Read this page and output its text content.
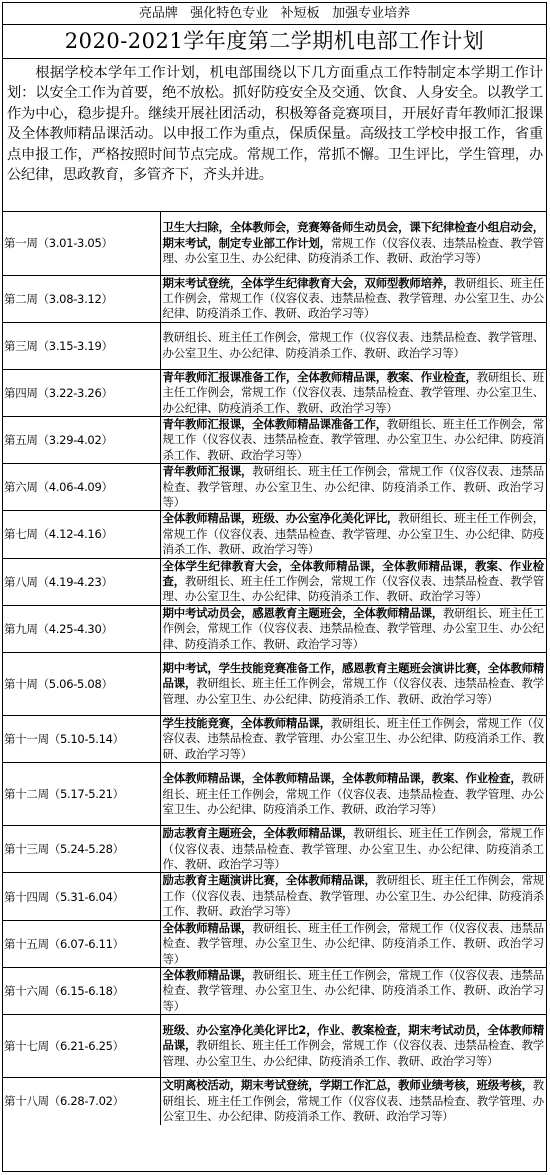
亮品牌   强化特色专业   补短板   加强专业培养
2020-2021学年度第二学期机电部工作计划
根据学校本学年工作计划，机电部围绕以下几方面重点工作特制定本学期工作计划：以安全工作为首要，绝不放松。抓好防疫安全及交通、饮食、人身安全。以教学工作为中心，稳步提升。继续开展社团活动，积极筹备竞赛项目，开展好青年教师汇报课及全体教师精品课活动。以申报工作为重点，保质保量。高级技工学校申报工作，省重点申报工作，严格按照时间节点完成。常规工作，常抓不懈。卫生评比，学生管理，办公纪律，思政教育，多管齐下，齐头并进。
第一周（3.01-3.05）	卫生大扫除，全体教师会，竞赛筹备师生动员会，课下纪律检查小组启动会，期末考试，制定专业部工作计划，常规工作（仪容仪表、违禁品检查、教学管理、办公室卫生、办公纪律、防疫消杀工作、教研、政治学习等）
第二周（3.08-3.12）	期末考试登统，全体学生纪律教育大会，双师型教师培养，教研组长、班主任工作例会，常规工作（仪容仪表、违禁品检查、教学管理、办公室卫生、办公纪律、防疫消杀工作、教研、政治学习等）
第三周（3.15-3.19）	教研组长、班主任工作例会，常规工作（仪容仪表、违禁品检查、教学管理、办公室卫生、办公纪律、防疫消杀工作、教研、政治学习等）
第四周（3.22-3.26）	青年教师汇报课准备工作，全体教师精品课，教案、作业检查，教研组长、班主任工作例会，常规工作（仪容仪表、违禁品检查、教学管理、办公室卫生、办公纪律、防疫消杀工作、教研、政治学习等）
第五周（3.29-4.02）	青年教师汇报课，全体教师精品课准备工作，教研组长、班主任工作例会，常规工作（仪容仪表、违禁品检查、教学管理、办公室卫生、办公纪律、防疫消杀工作、教研、政治学习等）
第六周（4.06-4.09）	青年教师汇报课，教研组长、班主任工作例会，常规工作（仪容仪表、违禁品检查、教学管理、办公室卫生、办公纪律、防疫消杀工作、教研、政治学习等）
第七周（4.12-4.16）	全体教师精品课，班级、办公室净化美化评比，教研组长、班主任工作例会，常规工作（仪容仪表、违禁品检查、教学管理、办公室卫生、办公纪律、防疫消杀工作、教研、政治学习等）
第八周（4.19-4.23）	全体学生纪律教育大会，全体教师精品课，全体教师精品课，教案、作业检查，教研组长、班主任工作例会，常规工作（仪容仪表、违禁品检查、教学管理、办公室卫生、办公纪律、防疫消杀工作、教研、政治学习等）
第九周（4.25-4.30）	期中考试动员会，感恩教育主题班会，全体教师精品课，教研组长、班主任工作例会，常规工作（仪容仪表、违禁品检查、教学管理、办公室卫生、办公纪律、防疫消杀工作、教研、政治学习等）
第十周（5.06-5.08）	期中考试，学生技能竞赛准备工作，感恩教育主题班会演讲比赛，全体教师精品课，教研组长、班主任工作例会，常规工作（仪容仪表、违禁品检查、教学管理、办公室卫生、办公纪律、防疫消杀工作、教研、政治学习等）
第十一周（5.10-5.14）	学生技能竞赛，全体教师精品课，教研组长、班主任工作例会，常规工作（仪容仪表、违禁品检查、教学管理、办公室卫生、办公纪律、防疫消杀工作、教研、政治学习等）
第十二周（5.17-5.21）	全体教师精品课，全体教师精品课，全体教师精品课，教案、作业检查，教研组长、班主任工作例会，常规工作（仪容仪表、违禁品检查、教学管理、办公室卫生、办公纪律、防疫消杀工作、教研、政治学习等）
第十三周（5.24-5.28）	励志教育主题班会，全体教师精品课，教研组长、班主任工作例会，常规工作（仪容仪表、违禁品检查、教学管理、办公室卫生、办公纪律、防疫消杀工作、教研、政治学习等）
第十四周（5.31-6.04）	励志教育主题演讲比赛，全体教师精品课，教研组长、班主任工作例会，常规工作（仪容仪表、违禁品检查、教学管理、办公室卫生、办公纪律、防疫消杀工作、教研、政治学习等）
第十五周（6.07-6.11）	全体教师精品课，教研组长、班主任工作例会，常规工作（仪容仪表、违禁品检查、教学管理、办公室卫生、办公纪律、防疫消杀工作、教研、政治学习等）
第十六周（6.15-6.18）	全体教师精品课，教研组长、班主任工作例会，常规工作（仪容仪表、违禁品检查、教学管理、办公室卫生、办公纪律、防疫消杀工作、教研、政治学习等）
第十七周（6.21-6.25）	班级、办公室净化美化评比2，作业、教案检查，期末考试动员，全体教师精品课，教研组长、班主任工作例会，常规工作（仪容仪表、违禁品检查、教学管理、办公室卫生、办公纪律、防疫消杀工作、教研、政治学习等）
第十八周（6.28-7.02）	文明离校活动，期末考试登统，学期工作汇总，教师业绩考核，班级考核，教研组长、班主任工作例会，常规工作（仪容仪表、违禁品检查、教学管理、办公室卫生、办公纪律、防疫消杀工作、教研、政治学习等）
